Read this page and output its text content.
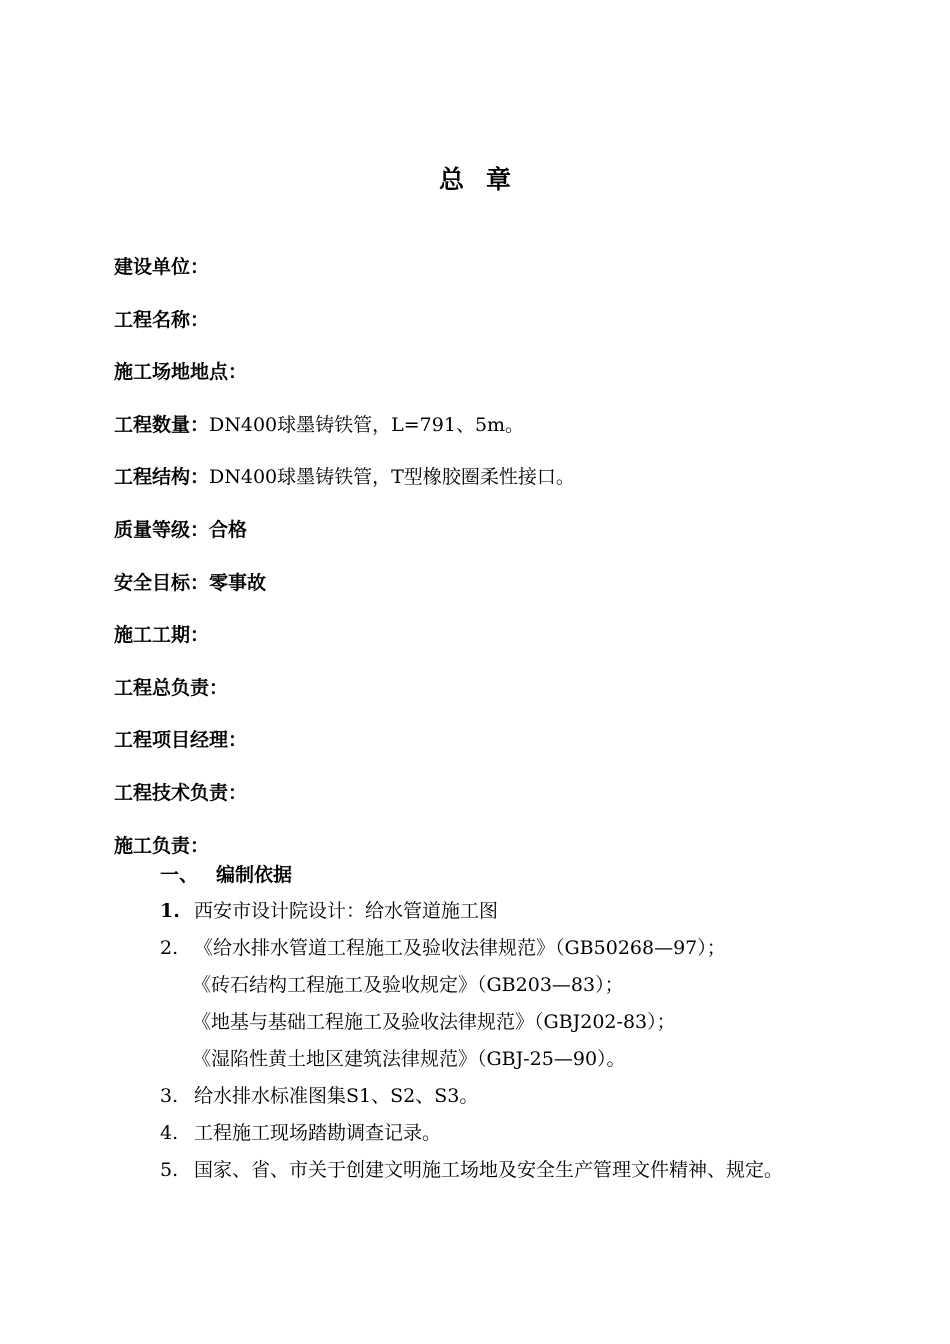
总章
建设单位：
工程名称：
施工场地地点：
工程数量：DN400球墨铸铁管，L=791、5m。
工程结构：DN400球墨铸铁管，T型橡胶圈柔性接口。
质量等级：合格
安全目标：零事故
施工工期：
工程总负责：
工程项目经理：
工程技术负责：
施工负责：
一、 编制依据
1. 西安市设计院设计：给水管道施工图
2. 《给水排水管道工程施工及验收法律规范》（GB50268—97）；
《砖石结构工程施工及验收规定》（GB203—83）；
《地基与基础工程施工及验收法律规范》（GBJ202-83）；
《湿陷性黄土地区建筑法律规范》（GBJ-25—90）。
3. 给水排水标准图集S1、S2、S3。
4. 工程施工现场踏勘调查记录。
5. 国家、省、市关于创建文明施工场地及安全生产管理文件精神、规定。
